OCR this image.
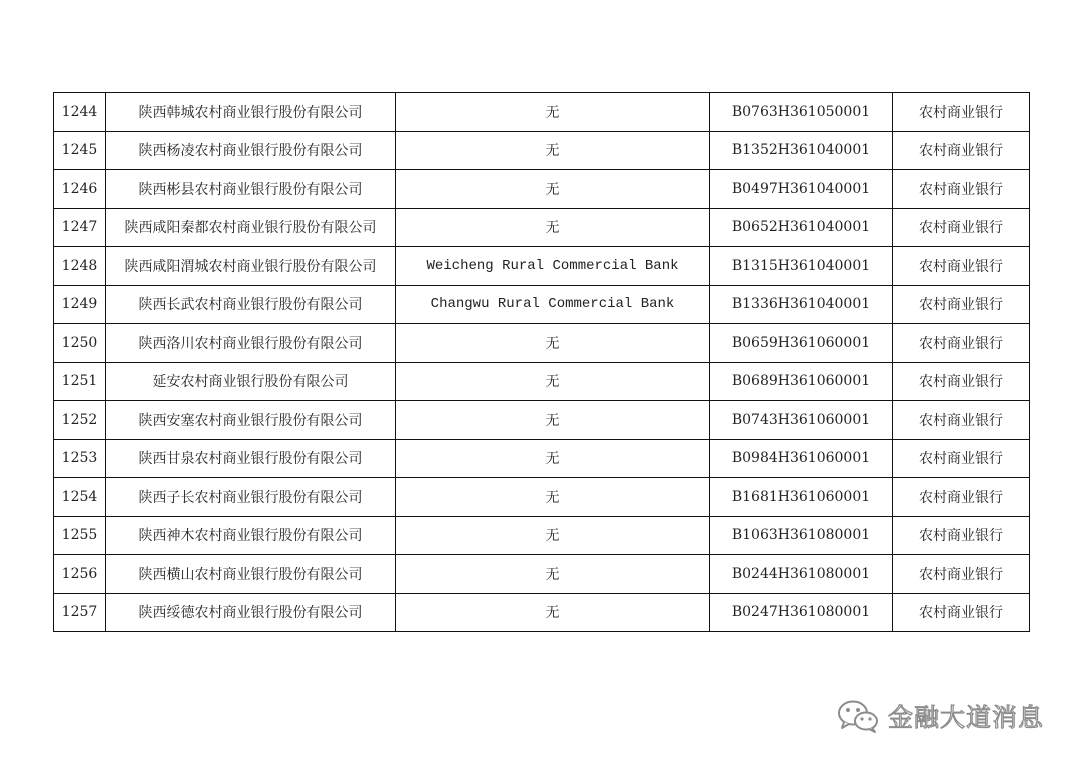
1244	陕西韩城农村商业银行股份有限公司	无	B0763H361050001	农村商业银行
1245	陕西杨凌农村商业银行股份有限公司	无	B1352H361040001	农村商业银行
1246	陕西彬县农村商业银行股份有限公司	无	B0497H361040001	农村商业银行
1247	陕西咸阳秦都农村商业银行股份有限公司	无	B0652H361040001	农村商业银行
1248	陕西咸阳渭城农村商业银行股份有限公司	Weicheng Rural Commercial Bank	B1315H361040001	农村商业银行
1249	陕西长武农村商业银行股份有限公司	Changwu Rural Commercial Bank	B1336H361040001	农村商业银行
1250	陕西洛川农村商业银行股份有限公司	无	B0659H361060001	农村商业银行
1251	延安农村商业银行股份有限公司	无	B0689H361060001	农村商业银行
1252	陕西安塞农村商业银行股份有限公司	无	B0743H361060001	农村商业银行
1253	陕西甘泉农村商业银行股份有限公司	无	B0984H361060001	农村商业银行
1254	陕西子长农村商业银行股份有限公司	无	B1681H361060001	农村商业银行
1255	陕西神木农村商业银行股份有限公司	无	B1063H361080001	农村商业银行
1256	陕西横山农村商业银行股份有限公司	无	B0244H361080001	农村商业银行
1257	陕西绥德农村商业银行股份有限公司	无	B0247H361080001	农村商业银行
金融大道消息
